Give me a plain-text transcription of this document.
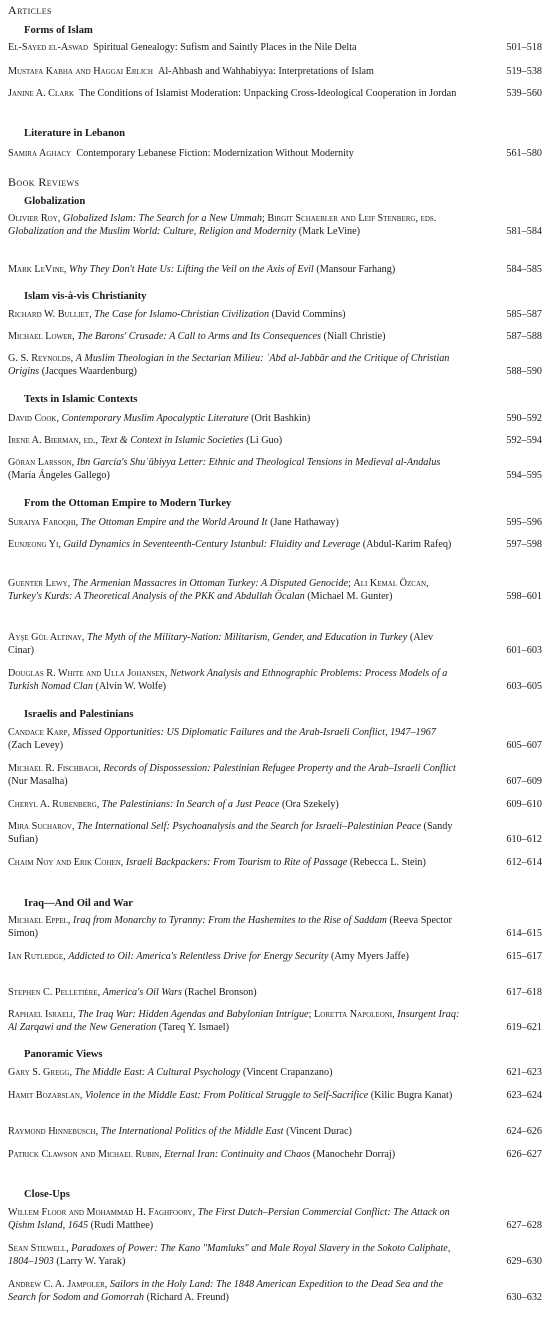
Articles
Forms of Islam
El-Sayed el-Aswad Spiritual Genealogy: Sufism and Saintly Places in the Nile Delta	501–518
Mustafa Kabha and Haggai Erlich Al-Ahbash and Wahhabiyya: Interpretations of Islam	519–538
Janine A. Clark The Conditions of Islamist Moderation: Unpacking Cross-Ideological Cooperation in Jordan	539–560
Literature in Lebanon
Samira Aghacy Contemporary Lebanese Fiction: Modernization Without Modernity	561–580
Book Reviews
Globalization
Olivier Roy, Globalized Islam: The Search for a New Ummah; Birgit Schaebler and Leif Stenberg, eds. Globalization and the Muslim World: Culture, Religion and Modernity (Mark LeVine)	581–584
Mark LeVine, Why They Don't Hate Us: Lifting the Veil on the Axis of Evil (Mansour Farhang)	584–585
Islam vis-à-vis Christianity
Richard W. Bulliet, The Case for Islamo-Christian Civilization (David Commins)	585–587
Michael Lower, The Barons' Crusade: A Call to Arms and Its Consequences (Niall Christie)	587–588
G. S. Reynolds, A Muslim Theologian in the Sectarian Milieu: ʿAbd al-Jabbār and the Critique of Christian Origins (Jacques Waardenburg)	588–590
Texts in Islamic Contexts
David Cook, Contemporary Muslim Apocalyptic Literature (Orit Bashkin)	590–592
Irene A. Bierman, ed., Text & Context in Islamic Societies (Li Guo)	592–594
Göran Larsson, Ibn García's Shuʿūbiyya Letter: Ethnic and Theological Tensions in Medieval al-Andalus (María Ángeles Gallego)	594–595
From the Ottoman Empire to Modern Turkey
Suraiya Faroqhi, The Ottoman Empire and the World Around It (Jane Hathaway)	595–596
Eunjeong Yi, Guild Dynamics in Seventeenth-Century Istanbul: Fluidity and Leverage (Abdul-Karim Rafeq)	597–598
Guenter Lewy, The Armenian Massacres in Ottoman Turkey: A Disputed Genocide; Ali Kemal Özcan, Turkey's Kurds: A Theoretical Analysis of the PKK and Abdullah Öcalan (Michael M. Gunter)	598–601
Ayşe Gül Altinay, The Myth of the Military-Nation: Militarism, Gender, and Education in Turkey (Alev Cinar)	601–603
Douglas R. White and Ulla Johansen, Network Analysis and Ethnographic Problems: Process Models of a Turkish Nomad Clan (Alvin W. Wolfe)	603–605
Israelis and Palestinians
Candace Karp, Missed Opportunities: US Diplomatic Failures and the Arab-Israeli Conflict, 1947–1967 (Zach Levey)	605–607
Michael R. Fischbach, Records of Dispossession: Palestinian Refugee Property and the Arab–Israeli Conflict (Nur Masalha)	607–609
Cheryl A. Rubenberg, The Palestinians: In Search of a Just Peace (Ora Szekely)	609–610
Mira Sucharov, The International Self: Psychoanalysis and the Search for Israeli–Palestinian Peace (Sandy Sufian)	610–612
Chaim Noy and Erik Cohen, Israeli Backpackers: From Tourism to Rite of Passage (Rebecca L. Stein)	612–614
Iraq—And Oil and War
Michael Eppel, Iraq from Monarchy to Tyranny: From the Hashemites to the Rise of Saddam (Reeva Spector Simon)	614–615
Ian Rutledge, Addicted to Oil: America's Relentless Drive for Energy Security (Amy Myers Jaffe)	615–617
Stephen C. Pelletière, America's Oil Wars (Rachel Bronson)	617–618
Raphael Israeli, The Iraq War: Hidden Agendas and Babylonian Intrigue; Loretta Napoleoni, Insurgent Iraq: Al Zarqawi and the New Generation (Tareq Y. Ismael)	619–621
Panoramic Views
Gary S. Gregg, The Middle East: A Cultural Psychology (Vincent Crapanzano)	621–623
Hamit Bozarslan, Violence in the Middle East: From Political Struggle to Self-Sacrifice (Kilic Bugra Kanat)	623–624
Raymond Hinnebusch, The International Politics of the Middle East (Vincent Durac)	624–626
Patrick Clawson and Michael Rubin, Eternal Iran: Continuity and Chaos (Manochehr Dorraj)	626–627
Close-Ups
Willem Floor and Mohammad H. Faghfoory, The First Dutch–Persian Commercial Conflict: The Attack on Qishm Island, 1645 (Rudi Matthee)	627–628
Sean Stilwell, Paradoxes of Power: The Kano "Mamluks" and Male Royal Slavery in the Sokoto Caliphate, 1804–1903 (Larry W. Yarak)	629–630
Andrew C. A. Jampoler, Sailors in the Holy Land: The 1848 American Expedition to the Dead Sea and the Search for Sodom and Gomorrah (Richard A. Freund)	630–632
